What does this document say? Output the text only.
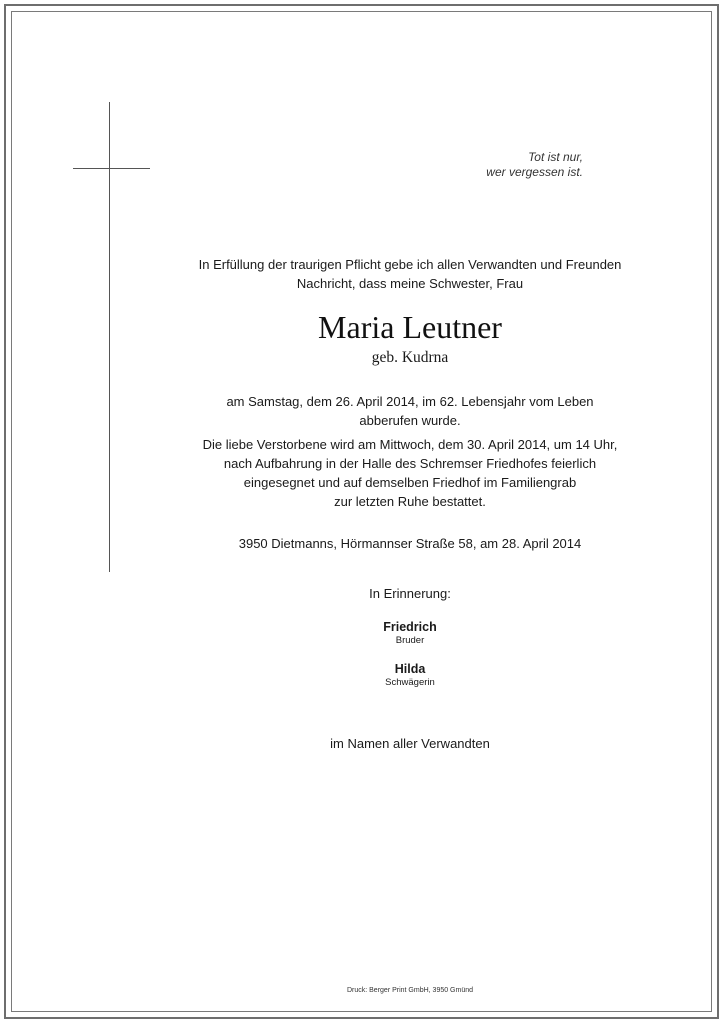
Tot ist nur,
wer vergessen ist.
In Erfüllung der traurigen Pflicht gebe ich allen Verwandten und Freunden
Nachricht, dass meine Schwester, Frau
Maria Leutner
geb. Kudrna
am Samstag, dem 26. April 2014, im 62. Lebensjahr vom Leben
abberufen wurde.
Die liebe Verstorbene wird am Mittwoch, dem 30. April 2014, um 14 Uhr,
nach Aufbahrung in der Halle des Schremser Friedhofes feierlich
eingesegnet und auf demselben Friedhof im Familiengrab
zur letzten Ruhe bestattet.
3950 Dietmanns, Hörmannser Straße 58, am 28. April 2014
In Erinnerung:
Friedrich
Bruder
Hilda
Schwägerin
im Namen aller Verwandten
Druck: Berger Print GmbH, 3950 Gmünd
